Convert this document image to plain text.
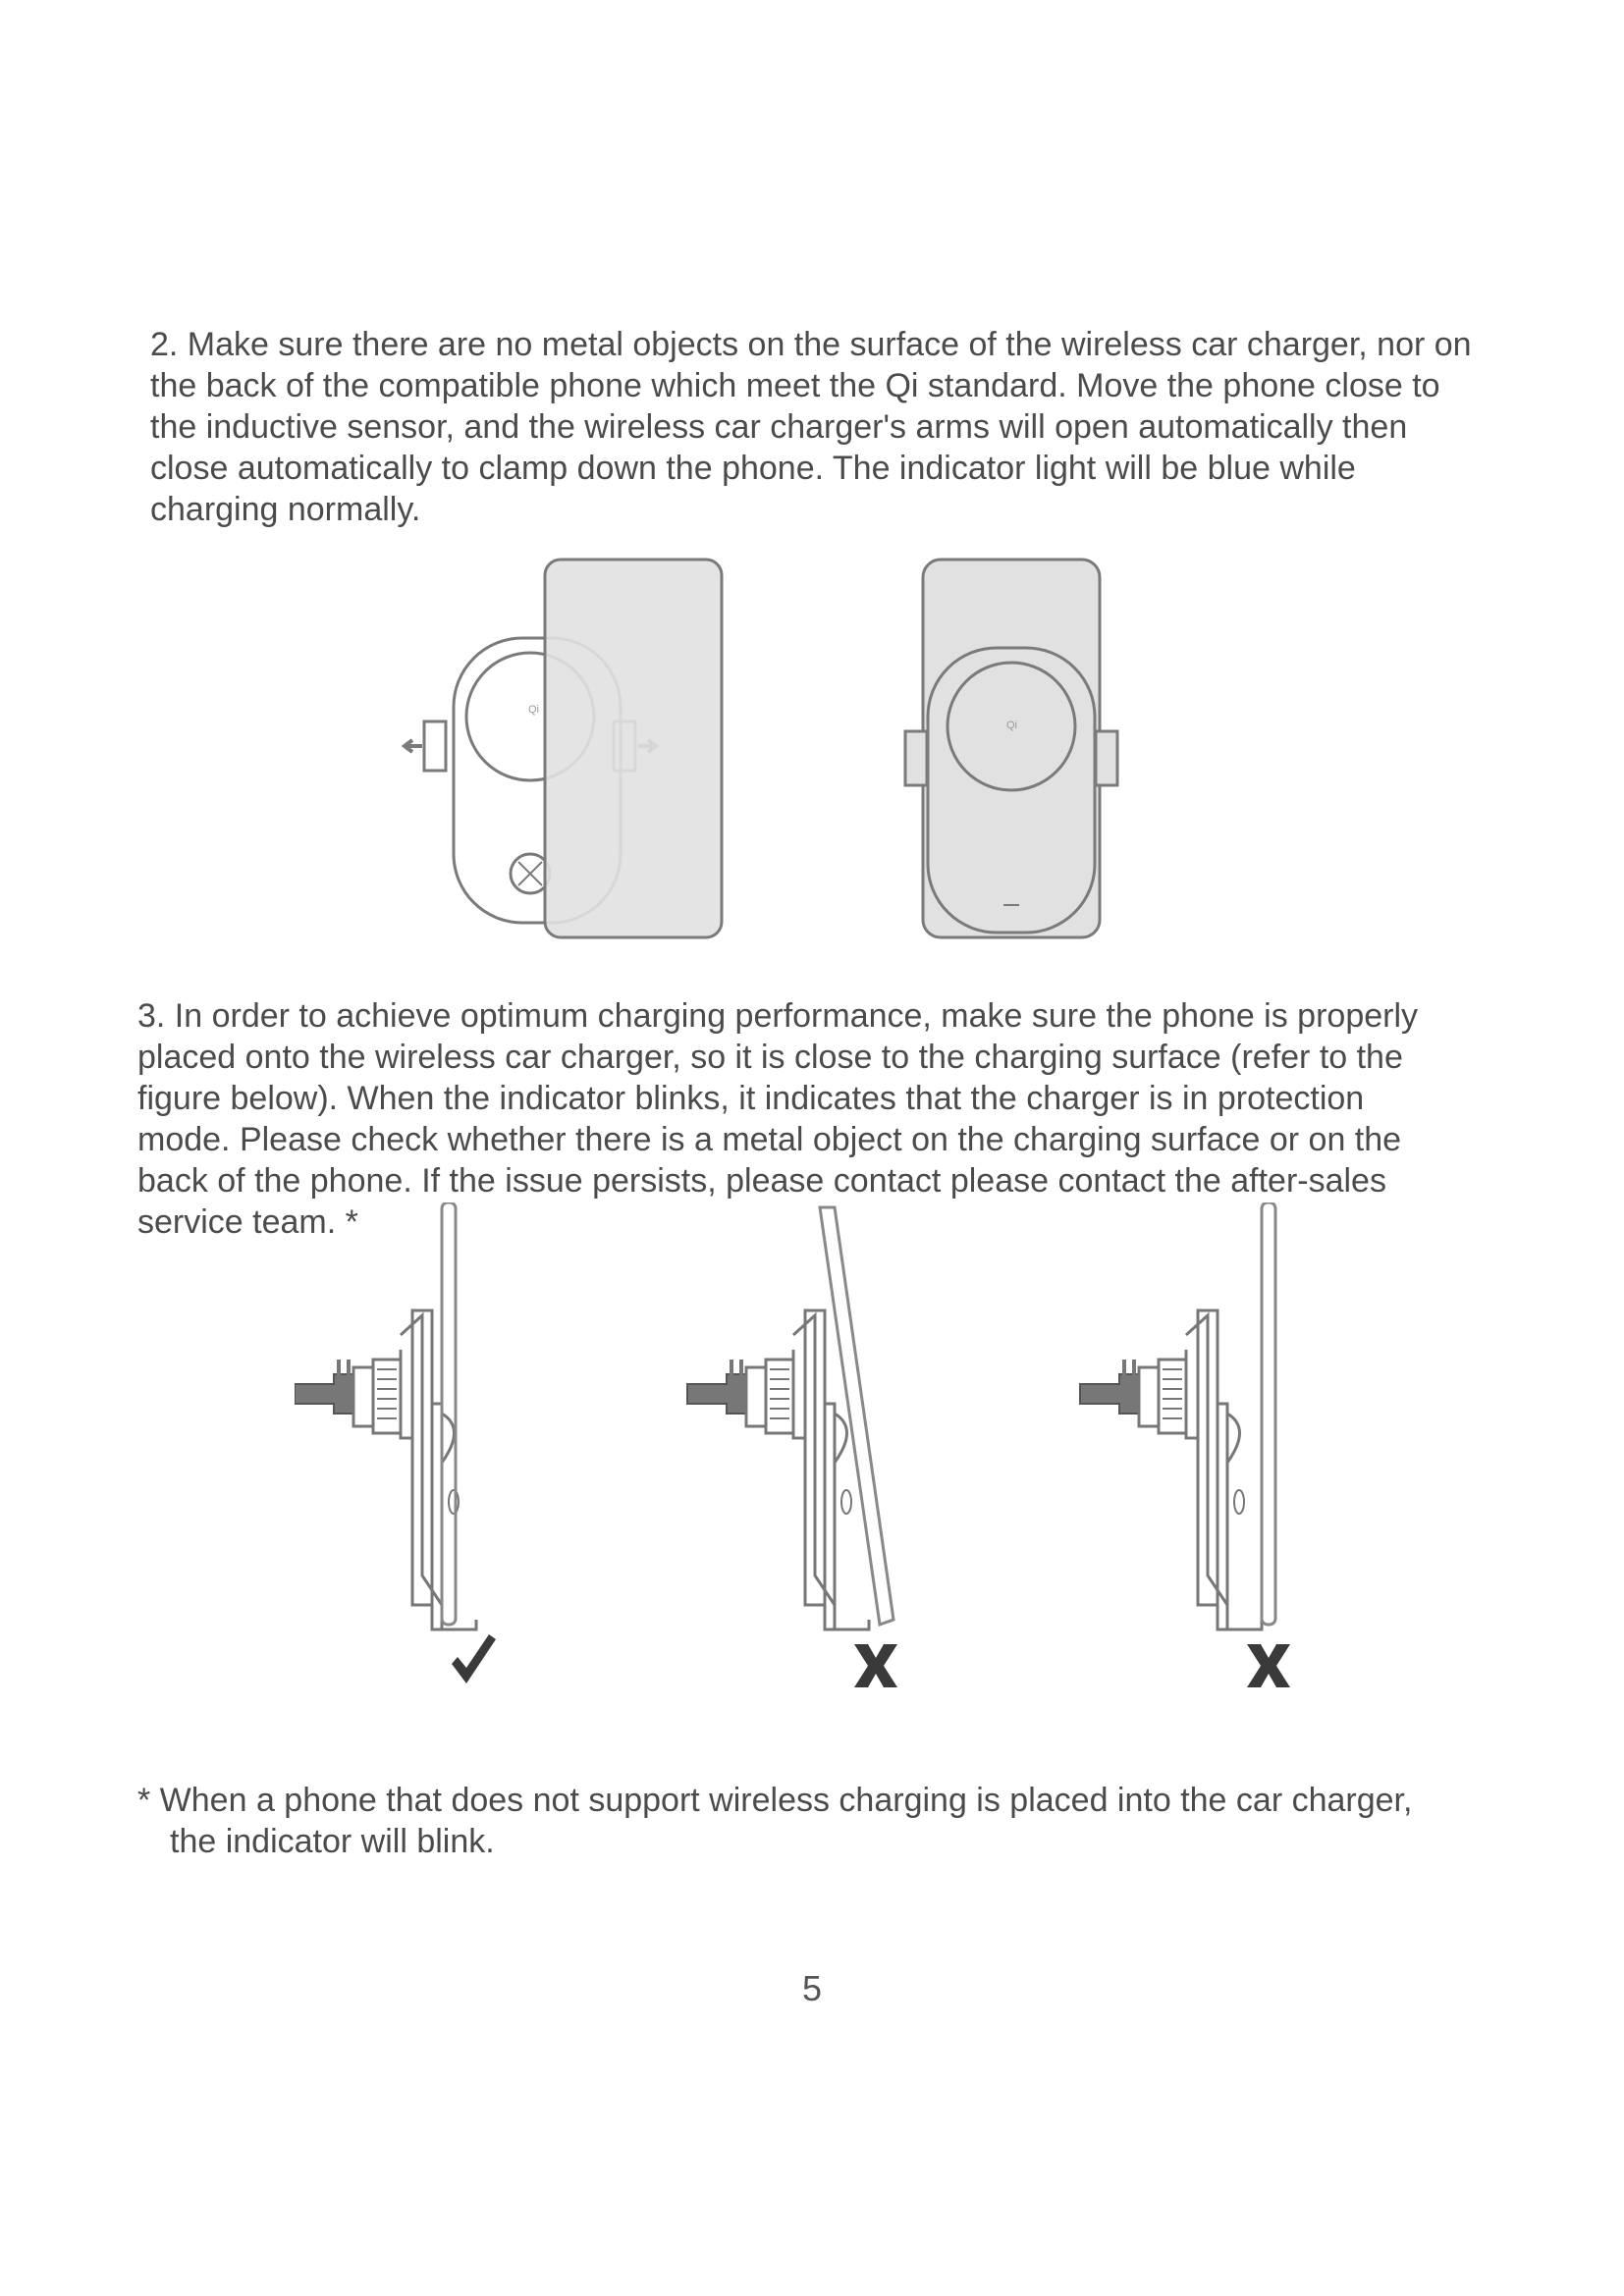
2. Make sure there are no metal objects on the surface of the wireless car charger, nor on
the back of the compatible phone which meet the Qi standard. Move the phone close to
the inductive sensor, and the wireless car charger's arms will open automatically then
close automatically to clamp down the phone. The indicator light will be blue while
charging normally.
Qi
Qi
3. In order to achieve optimum charging performance, make sure the phone is properly
placed onto the wireless car charger, so it is close to the charging surface (refer to the
figure below). When the indicator blinks, it indicates that the charger is in protection
mode. Please check whether there is a metal object on the charging surface or on the
back of the phone. If the issue persists, please contact please contact the after-sales
service team. *
* When a phone that does not support wireless charging is placed into the car charger,
the indicator will blink.
5
